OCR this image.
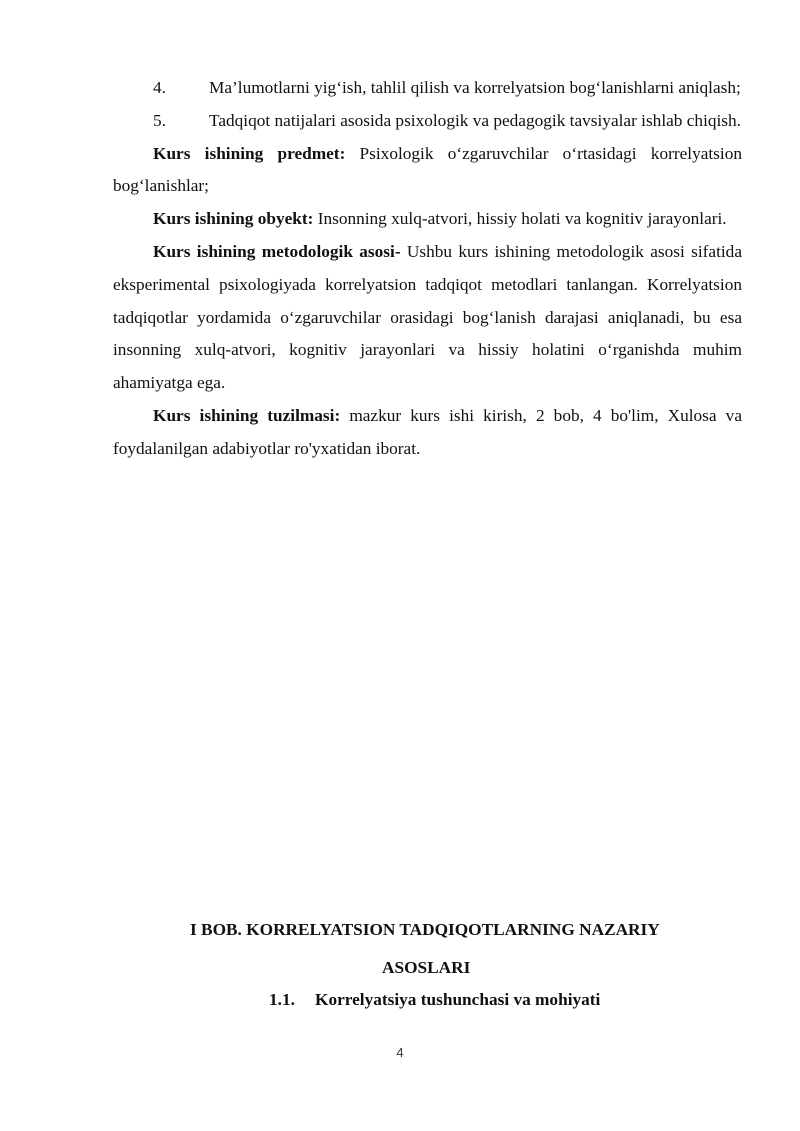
4. Ma’lumotlarni yig‘ish, tahlil qilish va korrelyatsion bog‘lanishlarni aniqlash;

5. Tadqiqot natijalari asosida psixologik va pedagogik tavsiyalar ishlab chiqish.

Kurs ishining predmet: Psixologik o‘zgaruvchilar o‘rtasidagi korrelyatsion bog‘lanishlar;

Kurs ishining obyekt: Insonning xulq-atvori, hissiy holati va kognitiv jarayonlari.

Kurs ishining metodologik asosi- Ushbu kurs ishining metodologik asosi sifatida eksperimental psixologiyada korrelyatsion tadqiqot metodlari tanlangan. Korrelyatsion tadqiqotlar yordamida o‘zgaruvchilar orasidagi bog‘lanish darajasi aniqlanadi, bu esa insonning xulq-atvori, kognitiv jarayonlari va hissiy holatini o‘rganishda muhim ahamiyatga ega.

Kurs ishining tuzilmasi: mazkur kurs ishi kirish, 2 bob, 4 bo'lim, Xulosa va foydalanilgan adabiyotlar ro'yxatidan iborat.

I BOB. KORRELYATSION TADQIQOTLARNING NAZARIY
ASOSLARI
1.1. Korrelyatsiya tushunchasi va mohiyati
4
